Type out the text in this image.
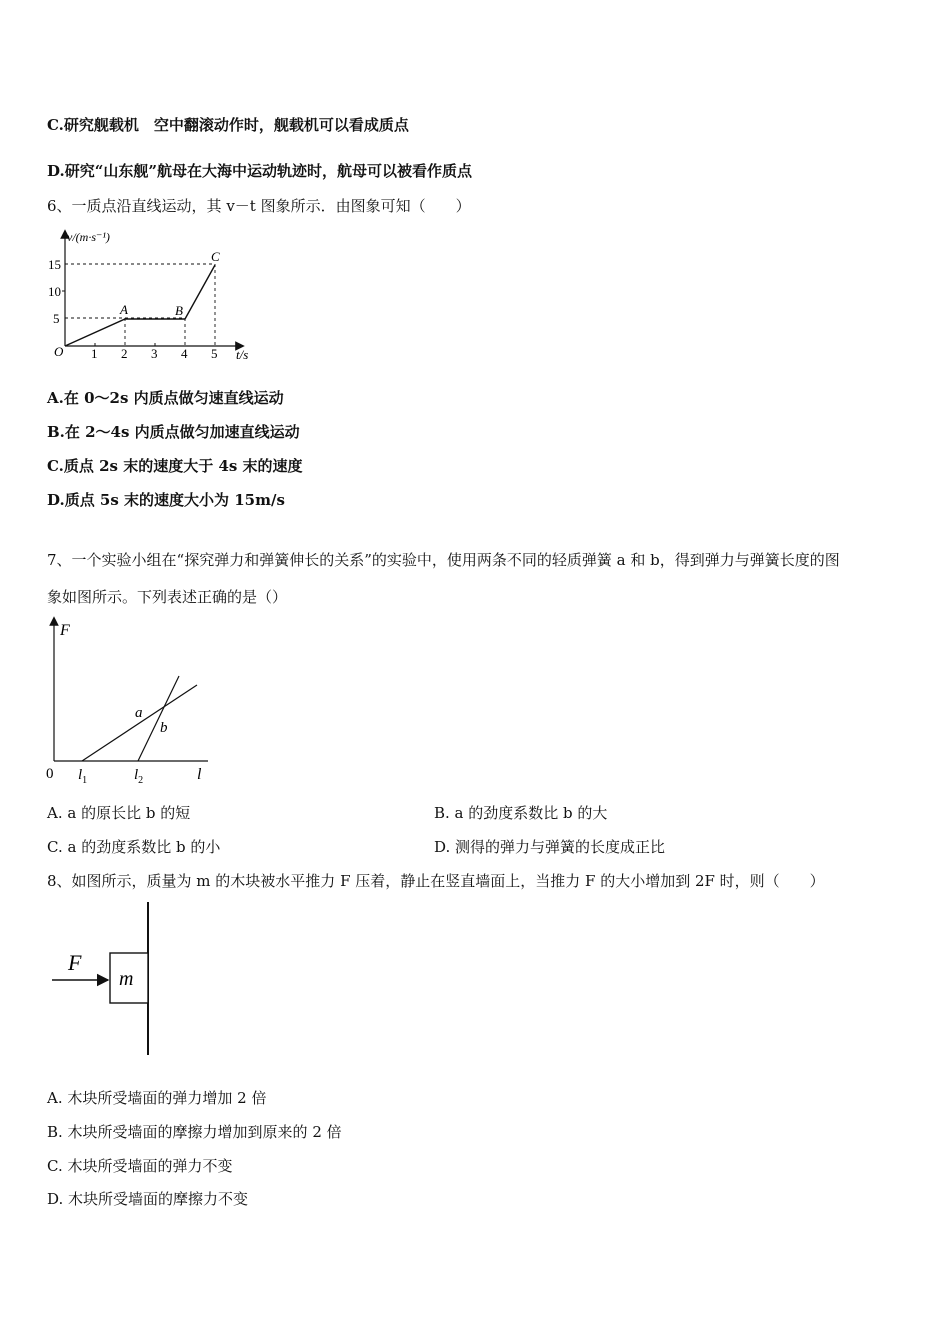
C.研究舰载机　空中翻滚动作时，舰载机可以看成质点
D.研究“山东舰”航母在大海中运动轨迹时，航母可以被看作质点
6、一质点沿直线运动，其 v－t 图象所示．由图象可知（　　）
v/(m·s⁻¹)
t/s
O 1 2 3 4 5
5
10
15
A	B
C
A.在 0～2s 内质点做匀速直线运动
B.在 2～4s 内质点做匀加速直线运动
C.质点 2s 末的速度大于 4s 末的速度
D.质点 5s 末的速度大小为 15m/s
7、一个实验小组在“探究弹力和弹簧伸长的关系”的实验中，使用两条不同的轻质弹簧 a 和 b，得到弹力与弹簧长度的图
象如图所示。下列表述正确的是（）
F
l
0 $l_1$	$l_2$
a
b
A. a 的原长比 b 的短	B. a 的劲度系数比 b 的大
C. a 的劲度系数比 b 的小	D. 测得的弹力与弹簧的长度成正比
8、如图所示，质量为 m 的木块被水平推力 F 压着，静止在竖直墙面上，当推力 F 的大小增加到 2F 时，则（　　）
F
m
A. 木块所受墙面的弹力增加 2 倍
B. 木块所受墙面的摩擦力增加到原来的 2 倍
C. 木块所受墙面的弹力不变
D. 木块所受墙面的摩擦力不变
